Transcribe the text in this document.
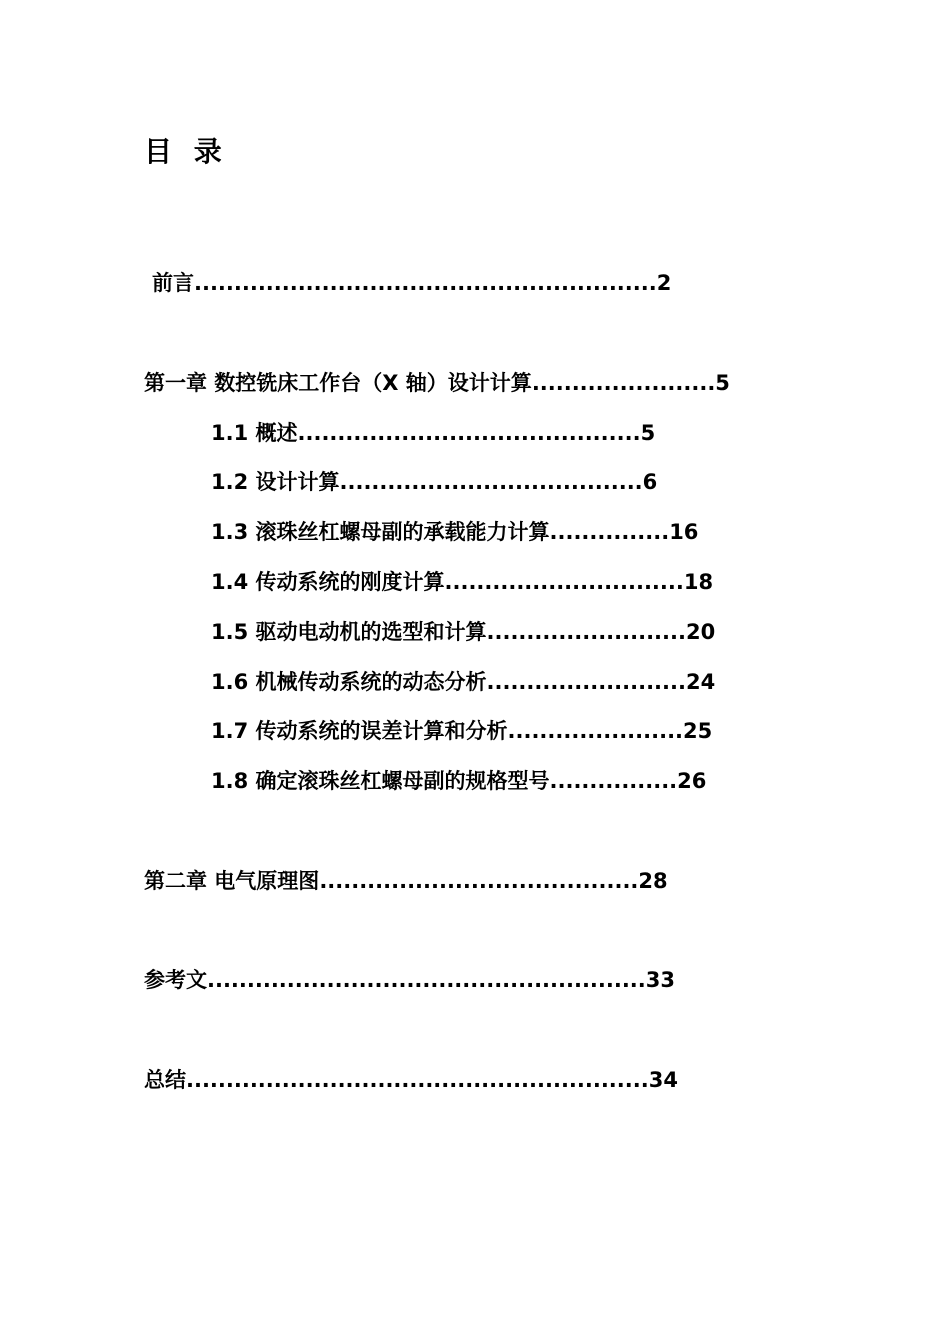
目 录
前言..........................................................2
第一章 数控铣床工作台（X 轴）设计计算.......................5
1.1 概述...........................................5
1.2 设计计算......................................6
1.3 滚珠丝杠螺母副的承载能力计算...............16
1.4 传动系统的刚度计算..............................18
1.5 驱动电动机的选型和计算.........................20
1.6 机械传动系统的动态分析.........................24
1.7 传动系统的误差计算和分析......................25
1.8 确定滚珠丝杠螺母副的规格型号................26
第二章 电气原理图........................................28
参考文.......................................................33
总结..........................................................34
